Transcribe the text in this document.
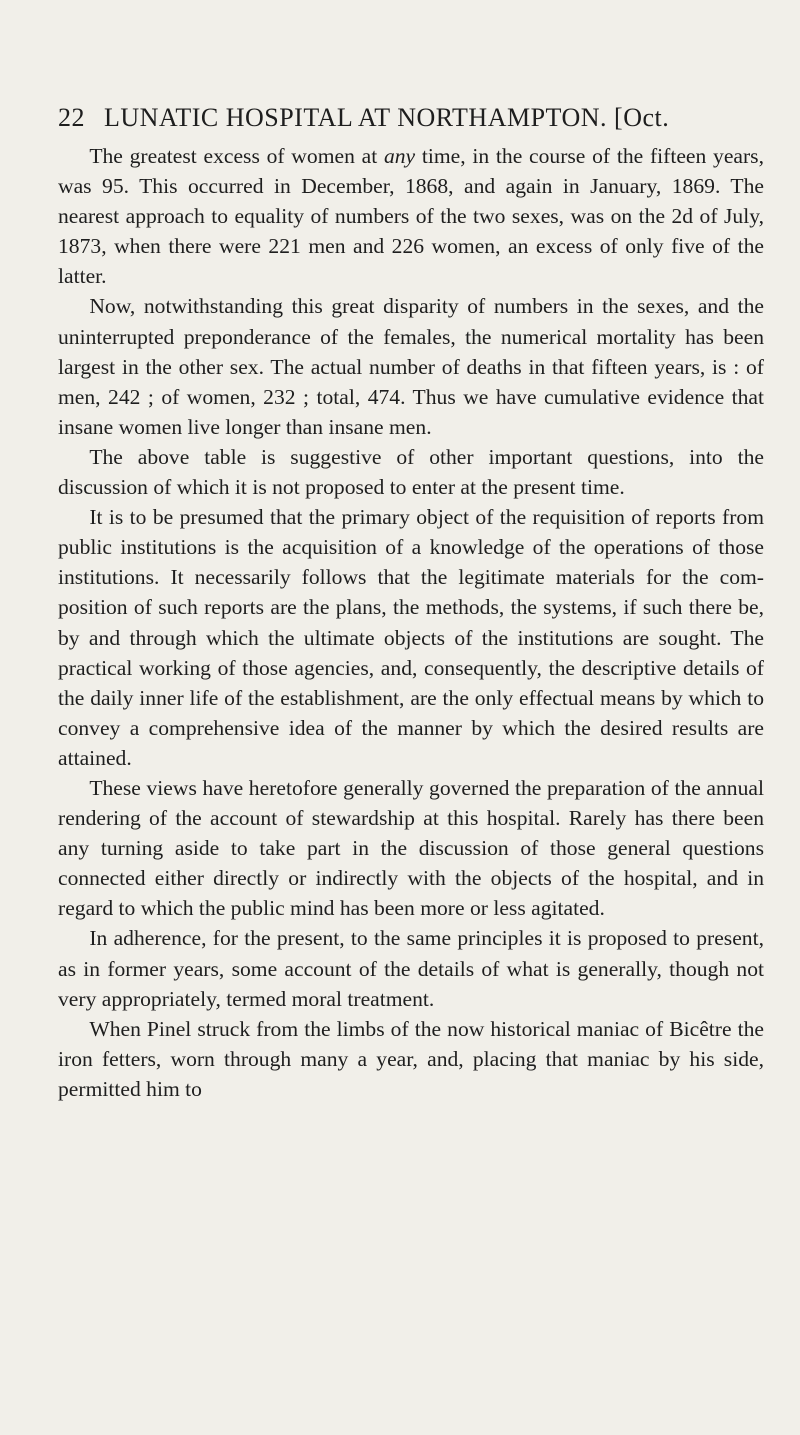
22 LUNATIC HOSPITAL AT NORTHAMPTON. [Oct.

The greatest excess of women at any time, in the course of the fifteen years, was 95. This occurred in December, 1868, and again in January, 1869. The nearest approach to equality of numbers of the two sexes, was on the 2d of July, 1873, when there were 221 men and 226 women, an excess of only five of the latter.

Now, notwithstanding this great disparity of numbers in the sexes, and the uninterrupted preponderance of the females, the numerical mortality has been largest in the other sex. The actual number of deaths in that fifteen years, is : of men, 242 ; of women, 232 ; total, 474. Thus we have cumulative evidence that insane women live longer than insane men.

The above table is suggestive of other important questions, into the discussion of which it is not proposed to enter at the present time.

It is to be presumed that the primary object of the requisition of reports from public institutions is the acquisition of a knowledge of the operations of those institutions. It necessarily follows that the legitimate materials for the composition of such reports are the plans, the methods, the systems, if such there be, by and through which the ultimate objects of the institutions are sought. The practical working of those agencies, and, consequently, the descriptive details of the daily inner life of the establishment, are the only effectual means by which to convey a comprehensive idea of the manner by which the desired results are attained.

These views have heretofore generally governed the preparation of the annual rendering of the account of stewardship at this hospital. Rarely has there been any turning aside to take part in the discussion of those general questions connected either directly or indirectly with the objects of the hospital, and in regard to which the public mind has been more or less agitated.

In adherence, for the present, to the same principles it is proposed to present, as in former years, some account of the details of what is generally, though not very appropriately, termed moral treatment.

When Pinel struck from the limbs of the now historical maniac of Bicêtre the iron fetters, worn through many a year, and, placing that maniac by his side, permitted him to
